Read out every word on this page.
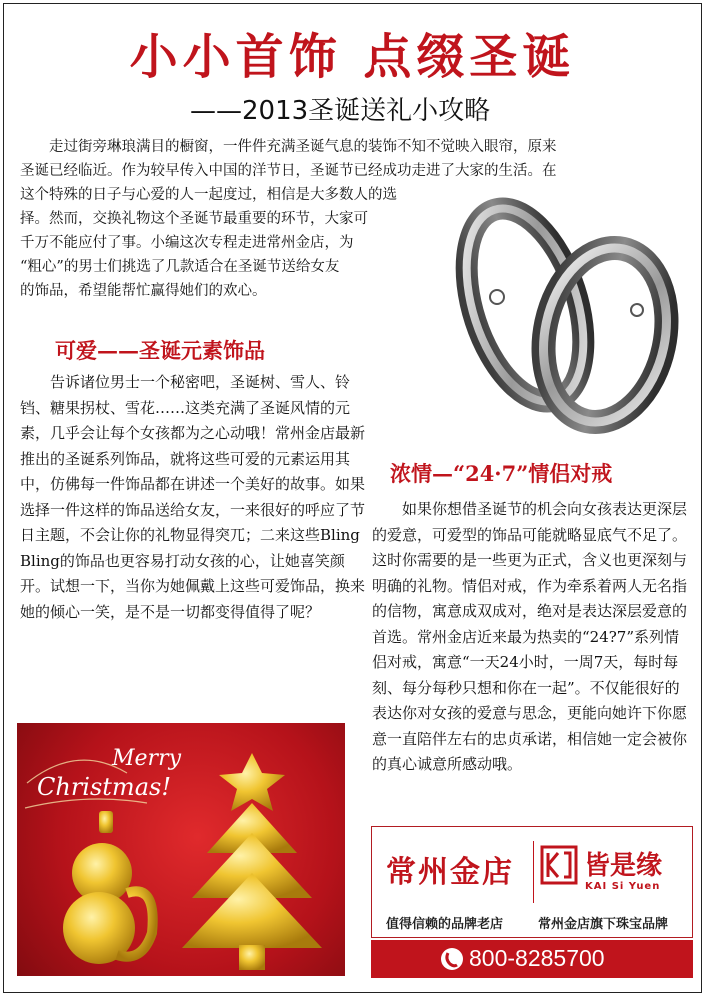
小小首饰 点缀圣诞
——2013圣诞送礼小攻略

走过街旁琳琅满目的橱窗，一件件充满圣诞气息的装饰不知不觉映入眼帘，原来

圣诞已经临近。作为较早传入中国的洋节日，圣诞节已经成功走进了大家的生活。在

这个特殊的日子与心爱的人一起度过，相信是大多数人的选

择。然而，交换礼物这个圣诞节最重要的环节，大家可

千万不能应付了事。小编这次专程走进常州金店，为

“粗心”的男士们挑选了几款适合在圣诞节送给女友

的饰品，希望能帮忙赢得她们的欢心。

可爱——圣诞元素饰品

告诉诸位男士一个秘密吧，圣诞树、雪人、铃铛、糖果拐杖、雪花……这类充满了圣诞风情的元素，几乎会让每个女孩都为之心动哦！常州金店最新推出的圣诞系列饰品，就将这些可爱的元素运用其中，仿佛每一件饰品都在讲述一个美好的故事。如果选择一件这样的饰品送给女友，一来很好的呼应了节日主题，不会让你的礼物显得突兀；二来这些Bling Bling的饰品也更容易打动女孩的心，让她喜笑颜开。试想一下，当你为她佩戴上这些可爱饰品，换来她的倾心一笑，是不是一切都变得值得了呢？

浓情—“24·7”情侣对戒

如果你想借圣诞节的机会向女孩表达更深层的爱意，可爱型的饰品可能就略显底气不足了。这时你需要的是一些更为正式，含义也更深刻与明确的礼物。情侣对戒，作为牵系着两人无名指的信物，寓意成双成对，绝对是表达深层爱意的首选。常州金店近来最为热卖的“24?7”系列情侣对戒，寓意“一天24小时，一周7天，每时每刻、每分每秒只想和你在一起”。不仅能很好的表达你对女孩的爱意与思念，更能向她许下你愿意一直陪伴左右的忠贞承诺，相信她一定会被你的真心诚意所感动哦。

Merry
Christmas!
常州金店	皆是缘
KAI Si Yuen
值得信赖的品牌老店	常州金店旗下珠宝品牌
800-8285700
